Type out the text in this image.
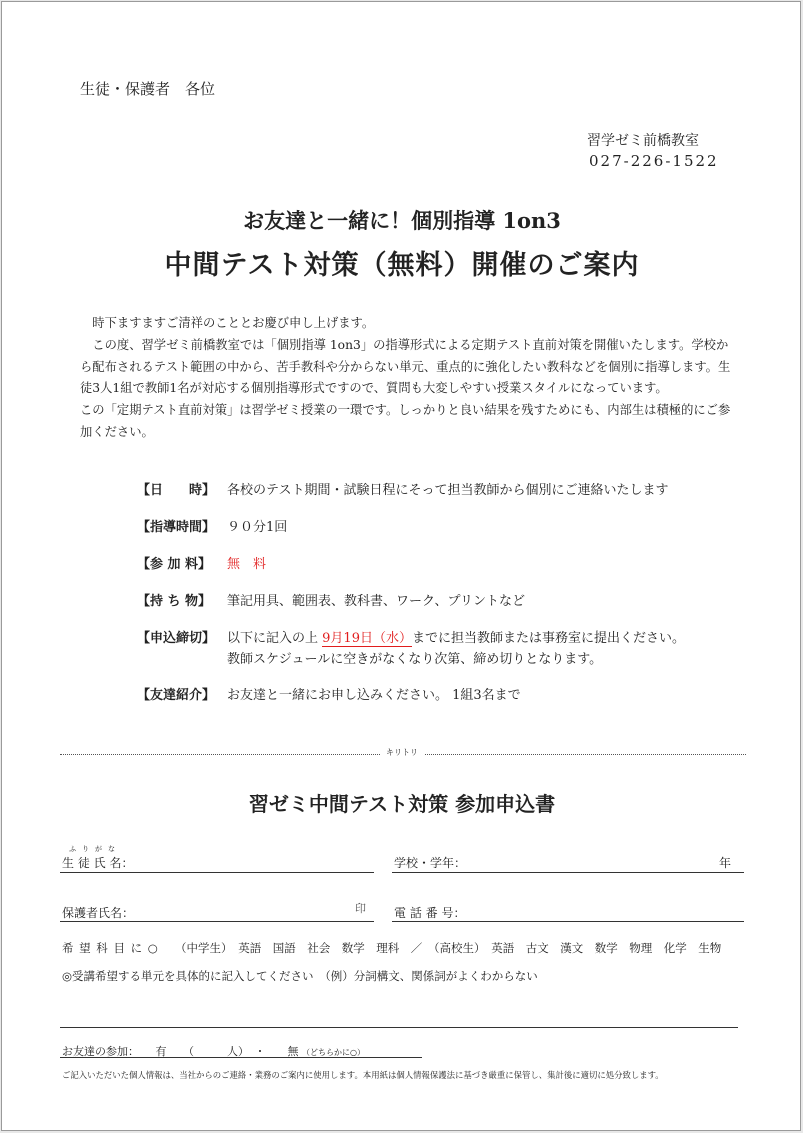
生徒・保護者　各位
習学ゼミ前橋教室
027-226-1522
お友達と一緒に！個別指導 1on3
中間テスト対策（無料）開催のご案内

時下ますますご清祥のこととお慶び申し上げます。

この度、習学ゼミ前橋教室では「個別指導 1on3」の指導形式による定期テスト直前対策を開催いたします。学校から配布されるテスト範囲の中から、苦手教科や分からない単元、重点的に強化したい教科などを個別に指導します。生徒3人1組で教師1名が対応する個別指導形式ですので、質問も大変しやすい授業スタイルになっています。

この「定期テスト直前対策」は習学ゼミ授業の一環です。しっかりと良い結果を残すためにも、内部生は積極的にご参加ください。

【日　　時】 各校のテスト期間・試験日程にそって担当教師から個別にご連絡いたします
【指導時間】 ９０分1回
【参 加 料】 無　料
【持 ち 物】 筆記用具、範囲表、教科書、ワーク、プリントなど
【申込締切】 以下に記入の上 9月19日（水）までに担当教師または事務室に提出ください。
教師スケジュールに空きがなくなり次第、締め切りとなります。
【友達紹介】 お友達と一緒にお申し込みください。 1組3名まで
キリトリ
習ゼミ中間テスト対策 参加申込書
ふりがな
生 徒 氏 名：	学校・学年：	年
印
保護者氏名：	電 話 番 号：
希 望 科 目 に ○　　（中学生）　英語　国語　社会　数学　理科　／　（高校生）　英語　古文　漢文　数学　物理　化学　生物
◎受講希望する単元を具体的に記入してください　（例）分詞構文、関係詞がよくわからない
お友達の参加：　　有　　（　　　人）　・　　無 （どちらかに○）
ご記入いただいた個人情報は、当社からのご連絡・業務のご案内に使用します。本用紙は個人情報保護法に基づき厳重に保管し、集計後に適切に処分致します。
